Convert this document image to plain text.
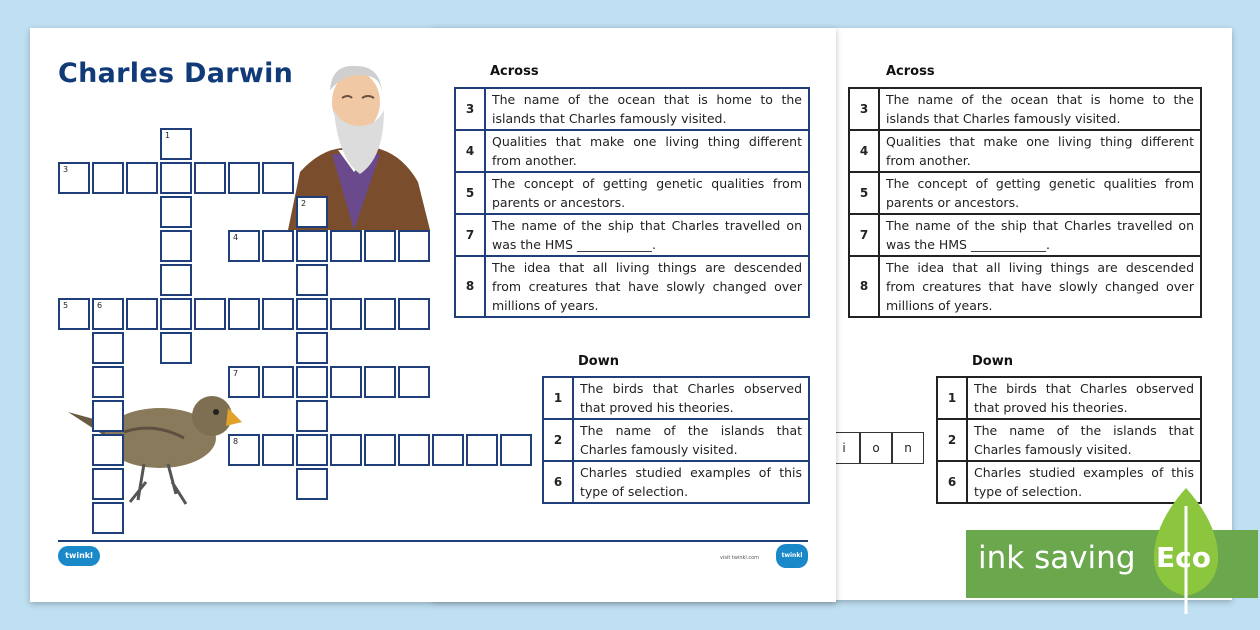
Across
3	The name of the ocean that is home to the islands that Charles famously visited.
4	Qualities that make one living thing different from another.
5	The concept of getting genetic qualities from parents or ancestors.
7	The name of the ship that Charles travelled on was the HMS ____________.
8	The idea that all living things are descended from creatures that have slowly changed over millions of years.
Down
1	The birds that Charles observed that proved his theories.
2	The name of the islands that Charles famously visited.
6	Charles studied examples of this type of selection.
i	o	n
Charles Darwin
3
1
2
4
5	6
7
8
Across
3	The name of the ocean that is home to the islands that Charles famously visited.
4	Qualities that make one living thing different from another.
5	The concept of getting genetic qualities from parents or ancestors.
7	The name of the ship that Charles travelled on was the HMS ____________.
8	The idea that all living things are descended from creatures that have slowly changed over millions of years.
Down
1	The birds that Charles observed that proved his theories.
2	The name of the islands that Charles famously visited.
6	Charles studied examples of this type of selection.
twinkl	visit twinkl.com	twinkl	ink saving Eco
